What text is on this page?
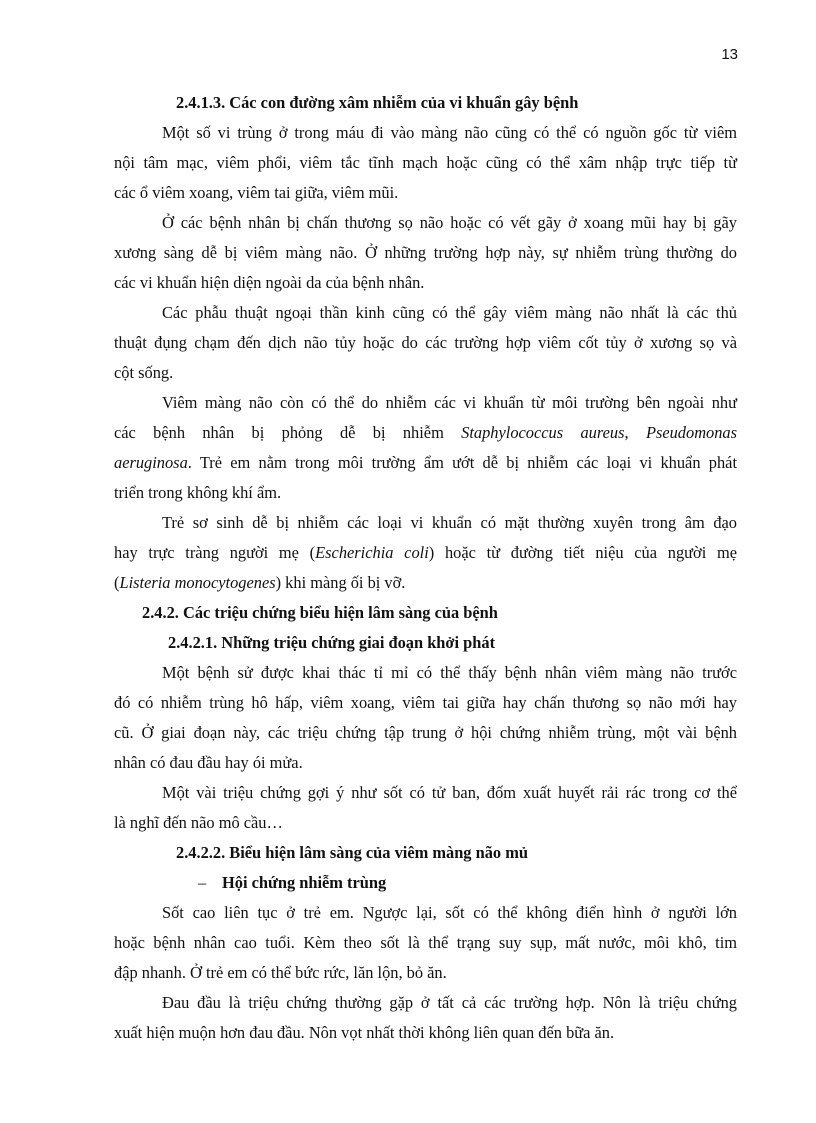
13
2.4.1.3. Các con đường xâm nhiễm của vi khuẩn gây bệnh
Một số vi trùng ở trong máu đi vào màng não cũng có thể có nguồn gốc từ viêm
nội tâm mạc, viêm phổi, viêm tắc tĩnh mạch hoặc cũng có thể xâm nhập trực tiếp từ
các ổ viêm xoang, viêm tai giữa, viêm mũi.
Ở các bệnh nhân bị chấn thương sọ não hoặc có vết gãy ở xoang mũi hay bị gãy
xương sàng dễ bị viêm màng não. Ở những trường hợp này, sự nhiễm trùng thường do
các vi khuẩn hiện diện ngoài da của bệnh nhân.
Các phẫu thuật ngoại thần kinh cũng có thể gây viêm màng não nhất là các thủ
thuật đụng chạm đến dịch não tủy hoặc do các trường hợp viêm cốt tủy ở xương sọ và
cột sống.
Viêm màng não còn có thể do nhiễm các vi khuẩn từ môi trường bên ngoài như
các bệnh nhân bị phỏng dễ bị nhiễm Staphylococcus aureus, Pseudomonas
aeruginosa. Trẻ em nằm trong môi trường ẩm ướt dễ bị nhiễm các loại vi khuẩn phát
triển trong không khí ẩm.
Trẻ sơ sinh dễ bị nhiễm các loại vi khuẩn có mặt thường xuyên trong âm đạo
hay trực tràng người mẹ (Escherichia coli) hoặc từ đường tiết niệu của người mẹ
(Listeria monocytogenes) khi màng ối bị vỡ.
2.4.2. Các triệu chứng biểu hiện lâm sàng của bệnh
2.4.2.1. Những triệu chứng giai đoạn khởi phát
Một bệnh sử được khai thác tỉ mỉ có thể thấy bệnh nhân viêm màng não trước
đó có nhiễm trùng hô hấp, viêm xoang, viêm tai giữa hay chấn thương sọ não mới hay
cũ. Ở giai đoạn này, các triệu chứng tập trung ở hội chứng nhiễm trùng, một vài bệnh
nhân có đau đầu hay ói mửa.
Một vài triệu chứng gợi ý như sốt có tử ban, đốm xuất huyết rải rác trong cơ thể
là nghĩ đến não mô cầu…
2.4.2.2. Biểu hiện lâm sàng của viêm màng não mủ
– Hội chứng nhiễm trùng
Sốt cao liên tục ở trẻ em. Ngược lại, sốt có thể không điển hình ở người lớn
hoặc bệnh nhân cao tuổi. Kèm theo sốt là thể trạng suy sụp, mất nước, môi khô, tim
đập nhanh. Ở trẻ em có thể bức rức, lăn lộn, bỏ ăn.
Đau đầu là triệu chứng thường gặp ở tất cả các trường hợp. Nôn là triệu chứng
xuất hiện muộn hơn đau đầu. Nôn vọt nhất thời không liên quan đến bữa ăn.
